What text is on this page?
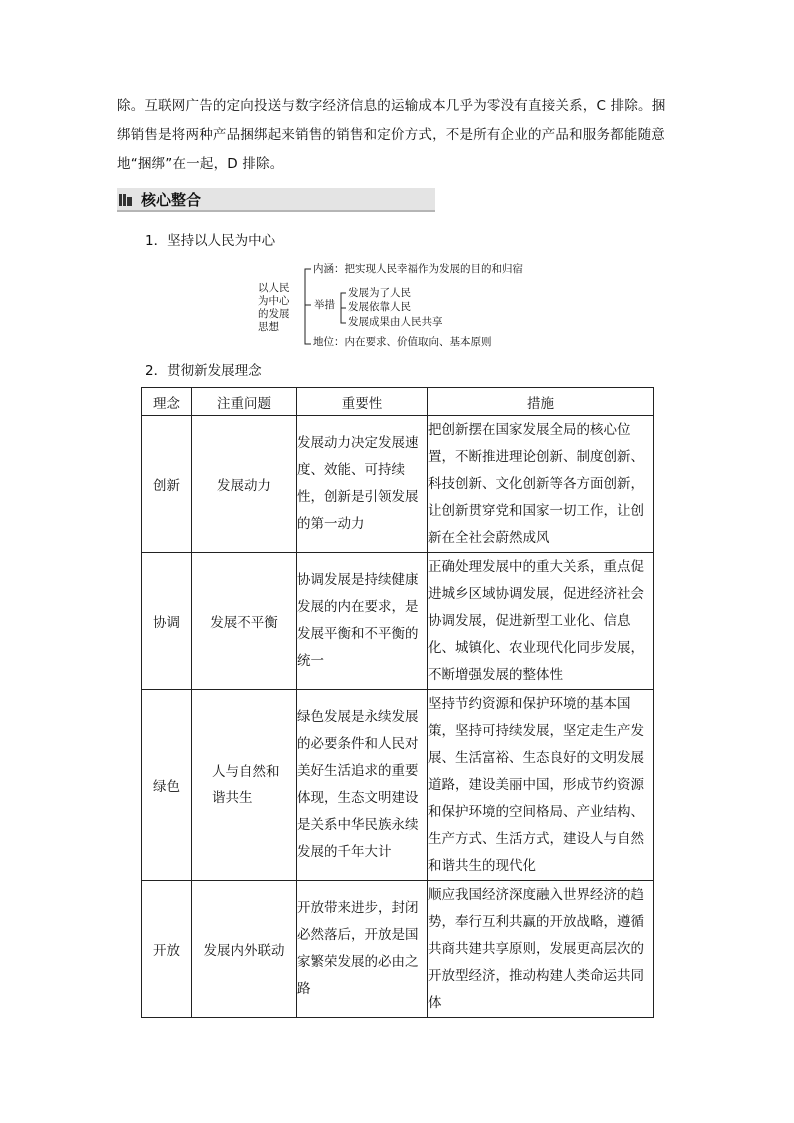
除。互联网广告的定向投送与数字经济信息的运输成本几乎为零没有直接关系，C 排除。捆

绑销售是将两种产品捆绑起来销售的销售和定价方式，不是所有企业的产品和服务都能随意

地“捆绑”在一起，D 排除。

核心整合
1．坚持以人民为中心
以人民
为中心
的发展
思想
内涵：把实现人民幸福作为发展的目的和归宿
举措
发展为了人民
发展依靠人民
发展成果由人民共享
地位：内在要求、价值取向、基本原则
2．贯彻新发展理念
理念	注重问题	重要性	措施
创新	发展动力	发展动力决定发展速度、效能、可持续性，创新是引领发展的第一动力	把创新摆在国家发展全局的核心位置，不断推进理论创新、制度创新、科技创新、文化创新等各方面创新，让创新贯穿党和国家一切工作，让创新在全社会蔚然成风
协调	发展不平衡	协调发展是持续健康发展的内在要求，是发展平衡和不平衡的统一	正确处理发展中的重大关系，重点促进城乡区域协调发展，促进经济社会协调发展，促进新型工业化、信息化、城镇化、农业现代化同步发展，不断增强发展的整体性
绿色	人与自然和谐共生	绿色发展是永续发展的必要条件和人民对美好生活追求的重要体现，生态文明建设是关系中华民族永续发展的千年大计	坚持节约资源和保护环境的基本国策，坚持可持续发展，坚定走生产发展、生活富裕、生态良好的文明发展道路，建设美丽中国，形成节约资源和保护环境的空间格局、产业结构、生产方式、生活方式，建设人与自然和谐共生的现代化
开放	发展内外联动	开放带来进步，封闭必然落后，开放是国家繁荣发展的必由之路	顺应我国经济深度融入世界经济的趋势，奉行互利共赢的开放战略，遵循共商共建共享原则，发展更高层次的开放型经济，推动构建人类命运共同体
